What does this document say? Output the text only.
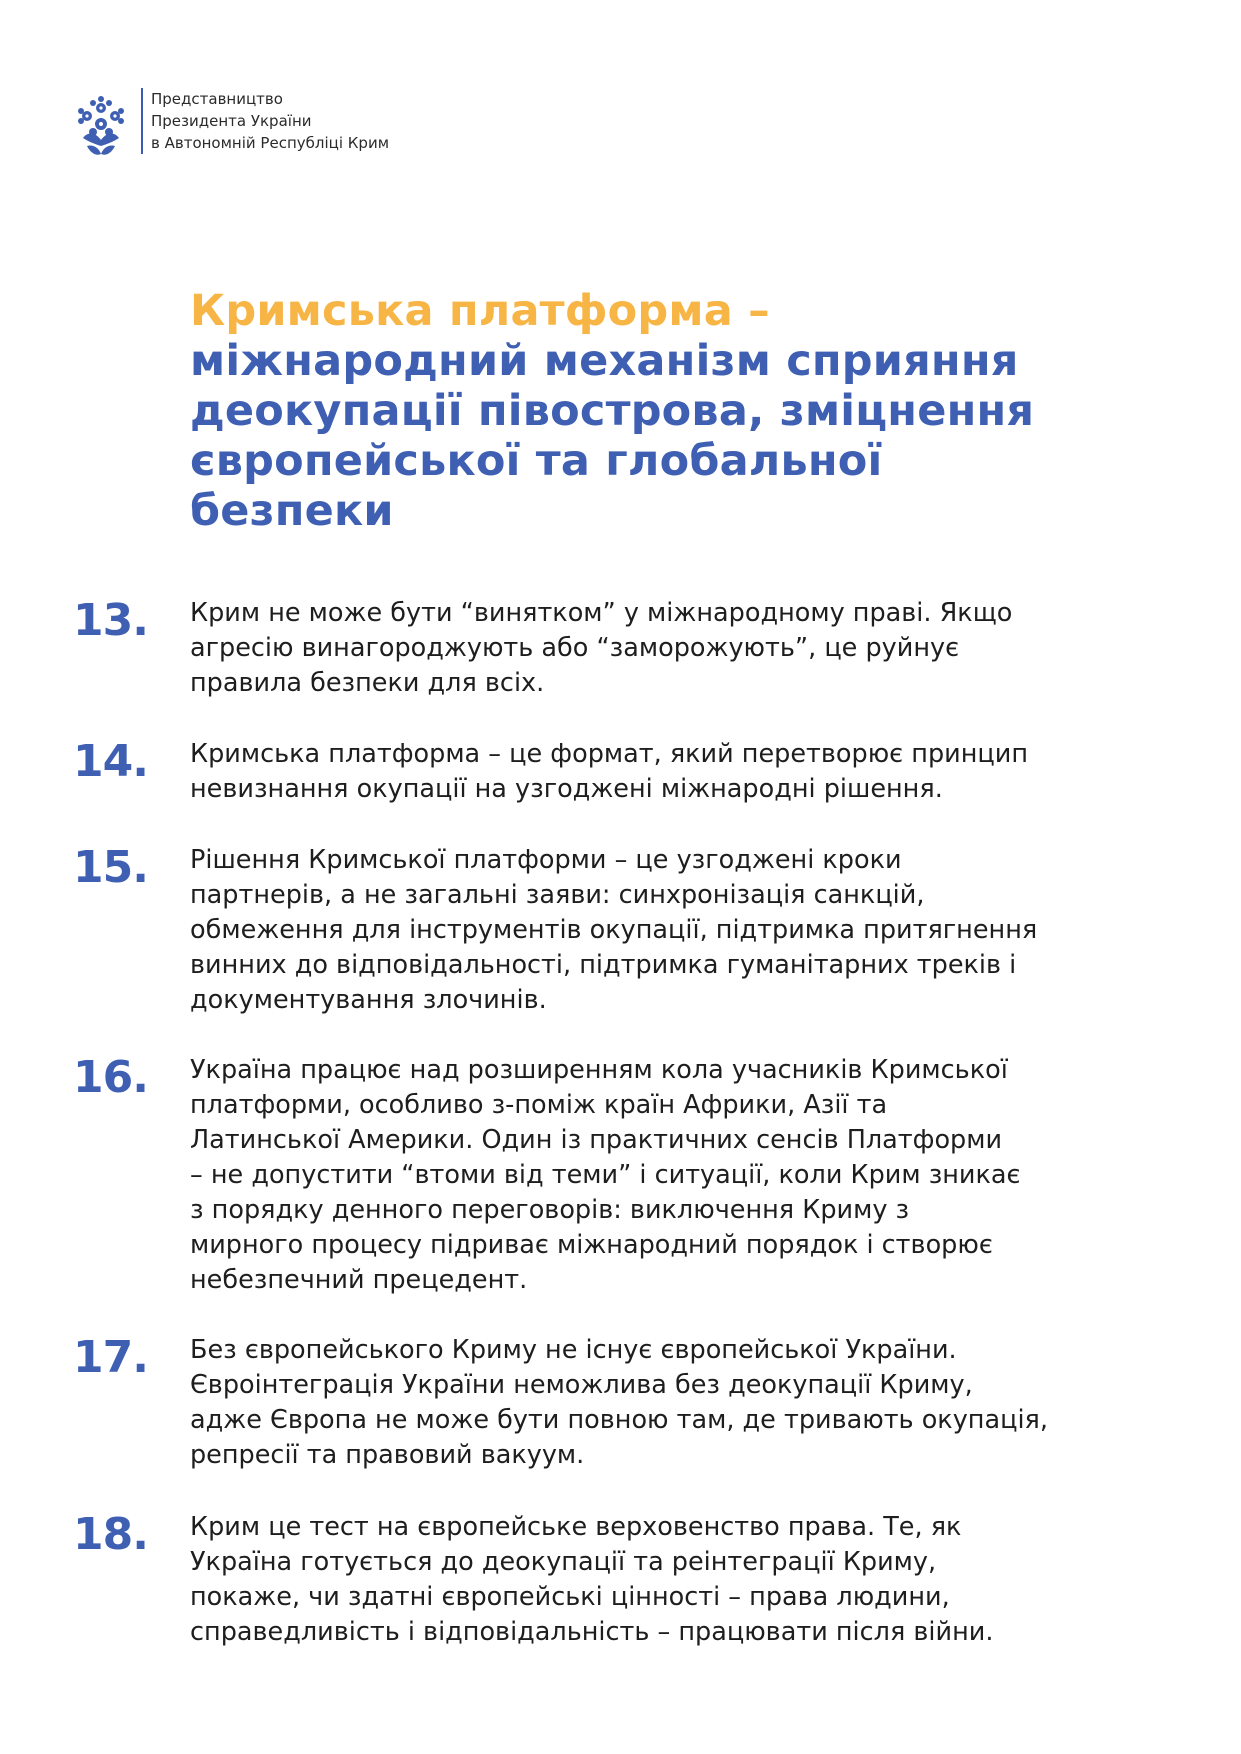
Представництво
Президента України
в Автономній Республіці Крим
Кримська платформа –
міжнародний механізм сприяння
деокупації півострова, зміцнення
європейської та глобальної
безпеки
13.	Крим не може бути “винятком” у міжнародному праві. Якщо
агресію винагороджують або “заморожують”, це руйнує
правила безпеки для всіх.
14.	Кримська платформа – це формат, який перетворює принцип
невизнання окупації на узгоджені міжнародні рішення.
15.	Рішення Кримської платформи – це узгоджені кроки
партнерів, а не загальні заяви: синхронізація санкцій,
обмеження для інструментів окупації, підтримка притягнення
винних до відповідальності, підтримка гуманітарних треків і
документування злочинів.
16.	Україна працює над розширенням кола учасників Кримської
платформи, особливо з-поміж країн Африки, Азії та
Латинської Америки. Один із практичних сенсів Платформи
– не допустити “втоми від теми” і ситуації, коли Крим зникає
з порядку денного переговорів: виключення Криму з
мирного процесу підриває міжнародний порядок і створює
небезпечний прецедент.
17.	Без європейського Криму не існує європейської України.
Євроінтеграція України неможлива без деокупації Криму,
адже Європа не може бути повною там, де тривають окупація,
репресії та правовий вакуум.
18.	Крим це тест на європейське верховенство права. Те, як
Україна готується до деокупації та реінтеграції Криму,
покаже, чи здатні європейські цінності – права людини,
справедливість і відповідальність – працювати після війни.
